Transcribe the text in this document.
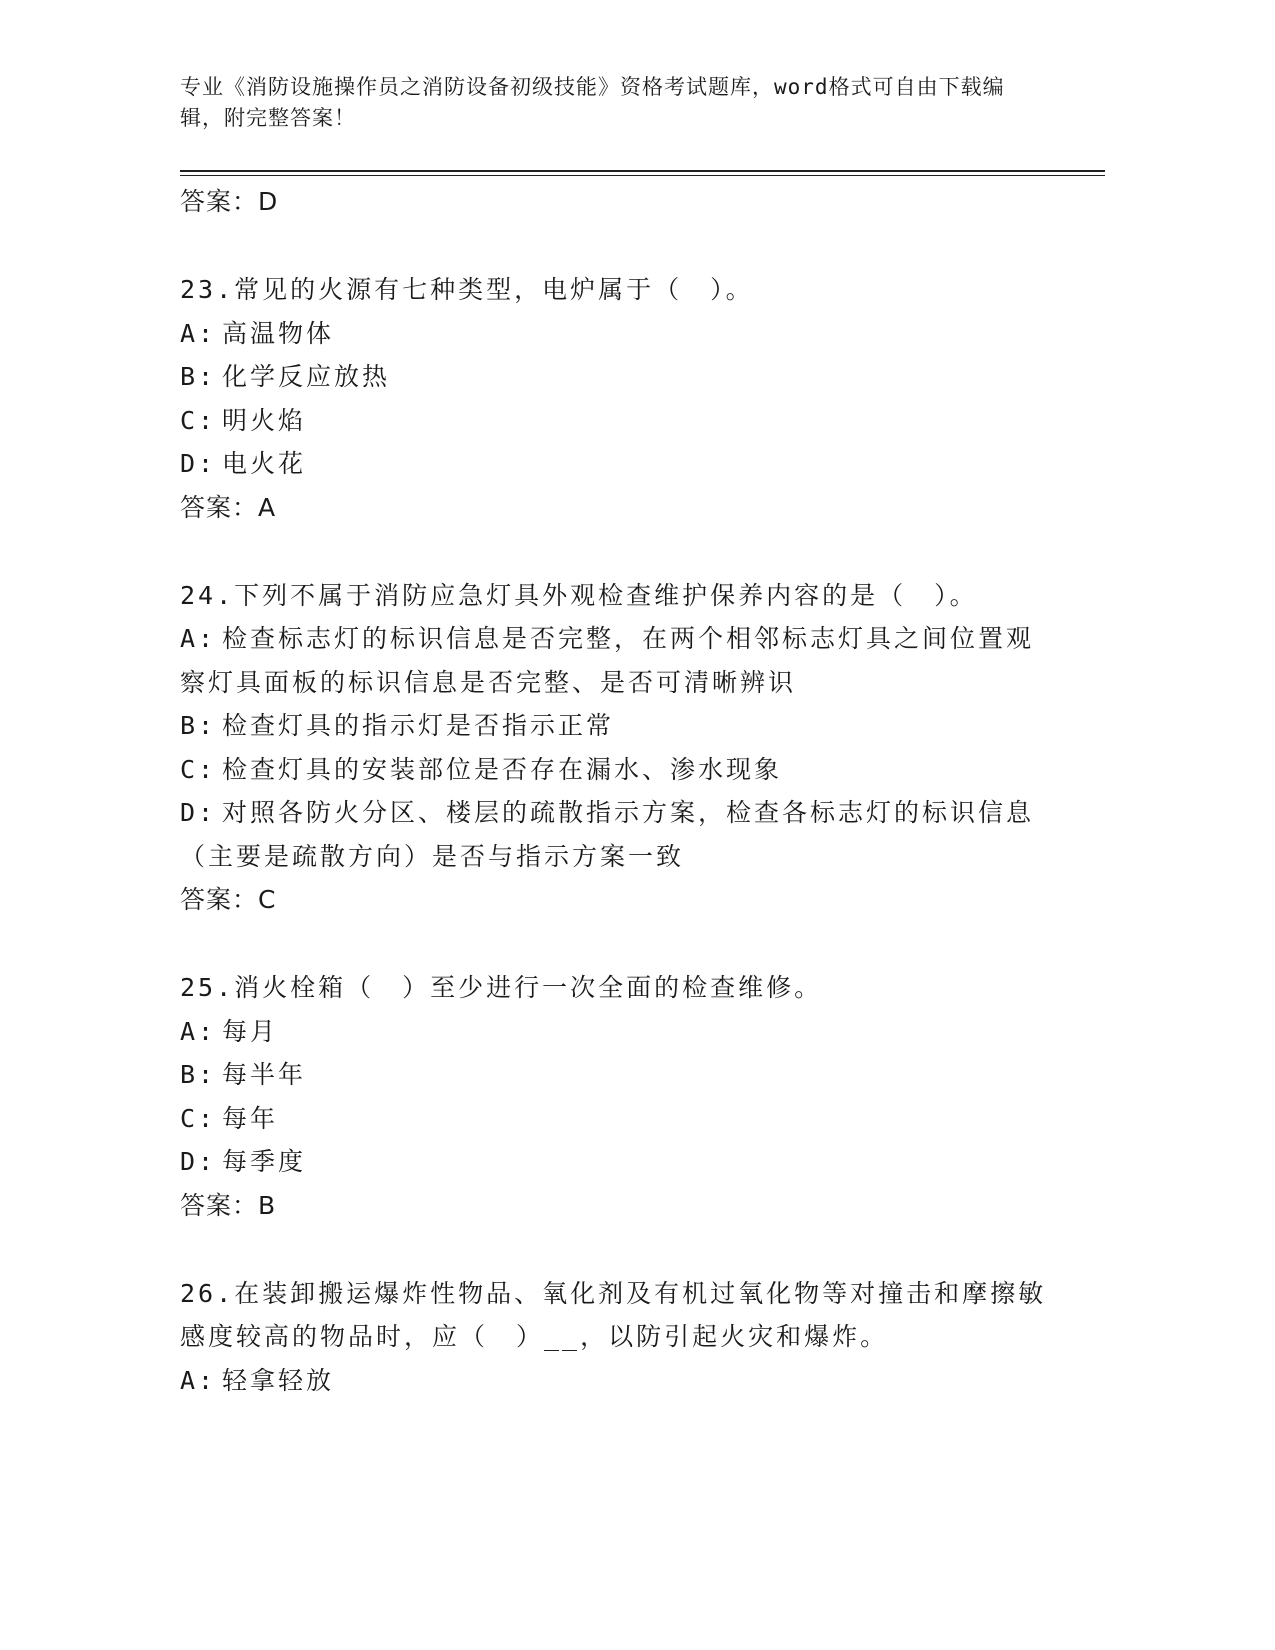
专业《消防设施操作员之消防设备初级技能》资格考试题库，word格式可自由下载编辑，附完整答案！
答案：D
23.常见的火源有七种类型，电炉属于（　）。
A: 高温物体
B: 化学反应放热
C: 明火焰
D: 电火花
答案：A
24.下列不属于消防应急灯具外观检查维护保养内容的是（　）。
A: 检查标志灯的标识信息是否完整，在两个相邻标志灯具之间位置观
察灯具面板的标识信息是否完整、是否可清晰辨识
B: 检查灯具的指示灯是否指示正常
C: 检查灯具的安装部位是否存在漏水、渗水现象
D: 对照各防火分区、楼层的疏散指示方案，检查各标志灯的标识信息
（主要是疏散方向）是否与指示方案一致
答案：C
25.消火栓箱（　）至少进行一次全面的检查维修。
A: 每月
B: 每半年
C: 每年
D: 每季度
答案：B
26.在装卸搬运爆炸性物品、氧化剂及有机过氧化物等对撞击和摩擦敏
感度较高的物品时，应（　）__，以防引起火灾和爆炸。
A: 轻拿轻放
